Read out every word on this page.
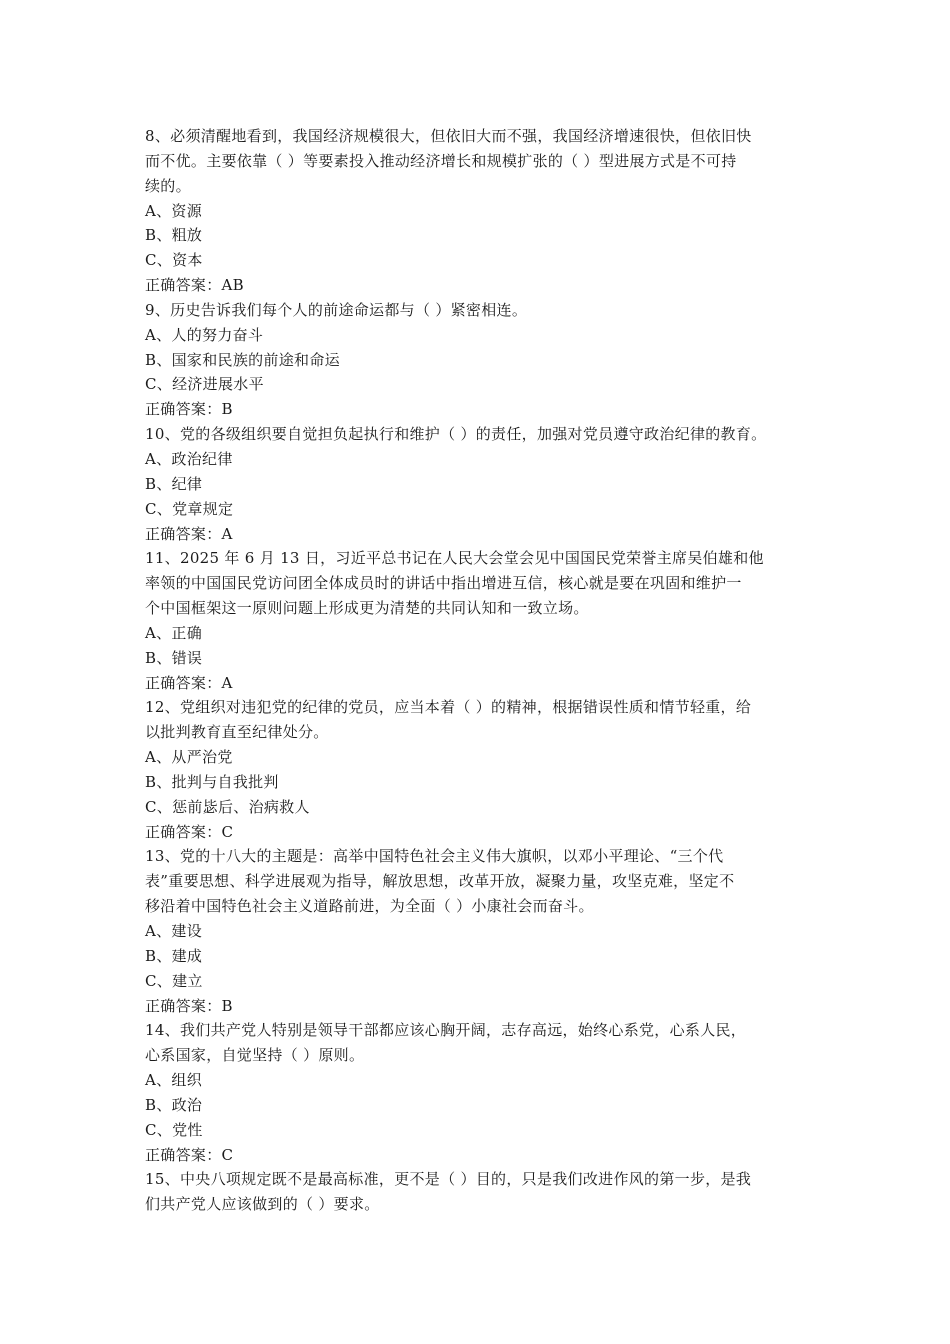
8、必须清醒地看到，我国经济规模很大，但依旧大而不强，我国经济增速很快，但依旧快
而不优。主要依靠（ ）等要素投入推动经济增长和规模扩张的（ ）型进展方式是不可持
续的。
A、资源
B、粗放
C、资本
正确答案：AB
9、历史告诉我们每个人的前途命运都与（ ）紧密相连。
A、人的努力奋斗
B、国家和民族的前途和命运
C、经济进展水平
正确答案：B
10、党的各级组织要自觉担负起执行和维护（ ）的责任，加强对党员遵守政治纪律的教育。
A、政治纪律
B、纪律
C、党章规定
正确答案：A
11、2025 年 6 月 13 日，习近平总书记在人民大会堂会见中国国民党荣誉主席吴伯雄和他
率领的中国国民党访问团全体成员时的讲话中指出增进互信，核心就是要在巩固和维护一
个中国框架这一原则问题上形成更为清楚的共同认知和一致立场。
A、正确
B、错误
正确答案：A
12、党组织对违犯党的纪律的党员，应当本着（ ）的精神，根据错误性质和情节轻重，给
以批判教育直至纪律处分。
A、从严治党
B、批判与自我批判
C、惩前毖后、治病救人
正确答案：C
13、党的十八大的主题是：高举中国特色社会主义伟大旗帜，以邓小平理论、“三个代
表”重要思想、科学进展观为指导，解放思想，改革开放，凝聚力量，攻坚克难，坚定不
移沿着中国特色社会主义道路前进，为全面（ ）小康社会而奋斗。
A、建设
B、建成
C、建立
正确答案：B
14、我们共产党人特别是领导干部都应该心胸开阔，志存高远，始终心系党，心系人民，
心系国家，自觉坚持（ ）原则。
A、组织
B、政治
C、党性
正确答案：C
15、中央八项规定既不是最高标准，更不是（ ）目的，只是我们改进作风的第一步，是我
们共产党人应该做到的（ ）要求。
